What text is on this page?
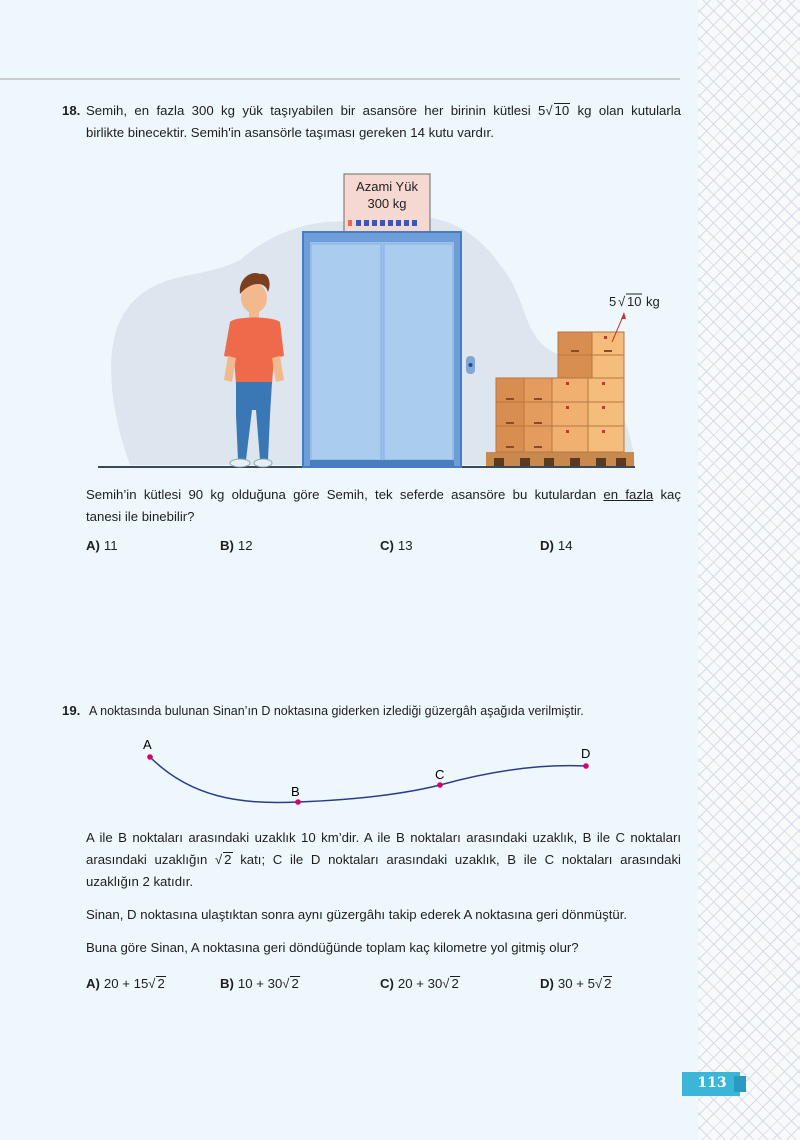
18. Semih, en fazla 300 kg yük taşıyabilen bir asansöre her birinin kütlesi 5√ 10 kg olan kutularla
birlikte binecektir. Semih'in asansörle taşıması gereken 14 kutu vardır.
Azami Yük
300 kg
5 √ 10 kg
Semih’in kütlesi 90 kg olduğuna göre Semih, tek seferde asansöre bu kutulardan en fazla kaç
tanesi ile binebilir?
A) 11	B) 12	C) 13	D) 14
19. A noktasında bulunan Sinan’ın D noktasına giderken izlediği güzergâh aşağıda verilmiştir.
A
B
C
D
A ile B noktaları arasındaki uzaklık 10 km’dir. A ile B noktaları arasındaki uzaklık, B ile C noktaları
arasındaki uzaklığın √ 2 katı; C ile D noktaları arasındaki uzaklık, B ile C noktaları arasındaki
uzaklığın 2 katıdır.
Sinan, D noktasına ulaştıktan sonra aynı güzergâhı takip ederek A noktasına geri dönmüştür.
Buna göre Sinan, A noktasına geri döndüğünde toplam kaç kilometre yol gitmiş olur?
A) 20 + 15√ 2	B) 10 + 30√ 2	C) 20 + 30√ 2	D) 30 + 5√ 2
113
